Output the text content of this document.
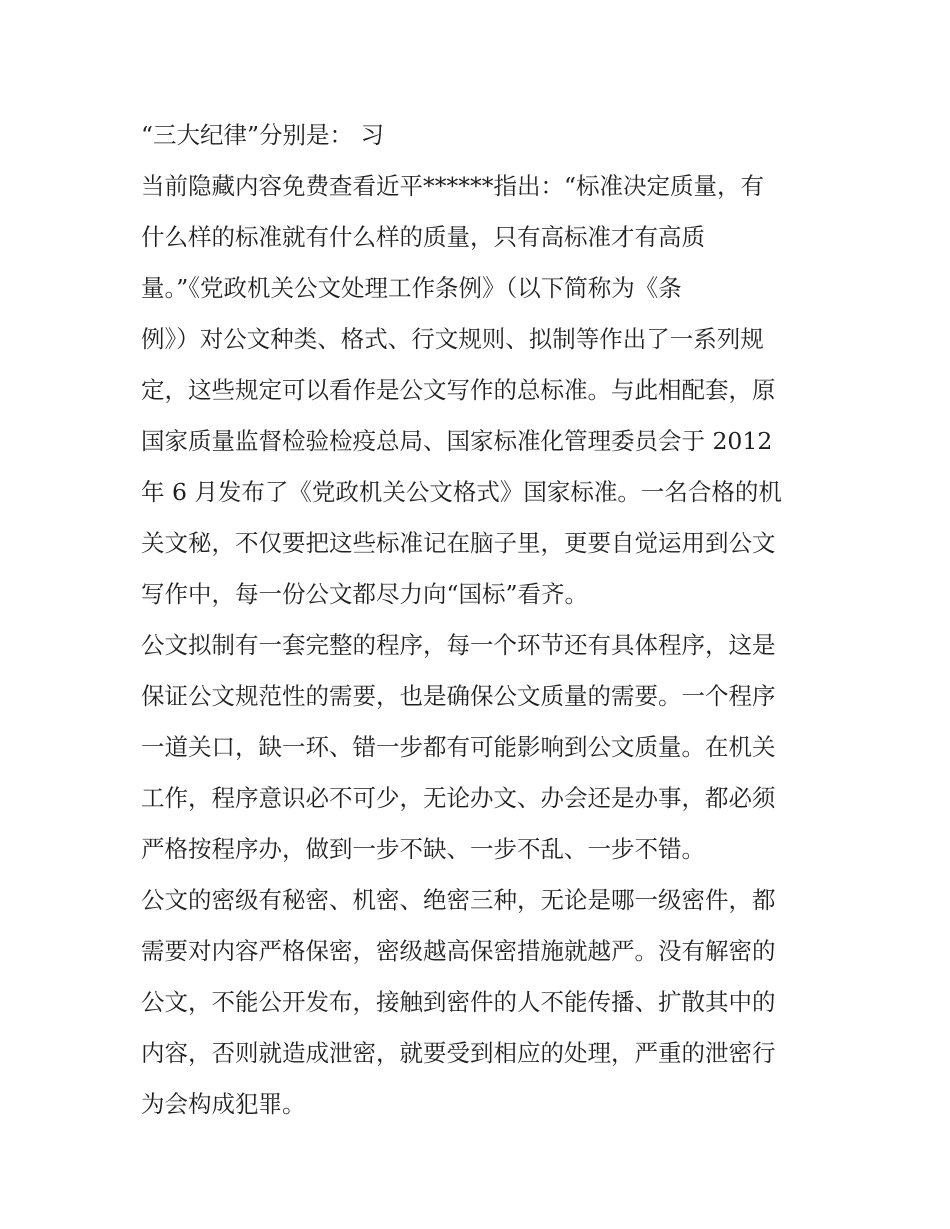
“三大纪律”分别是： 习
当前隐藏内容免费查看近平******指出：“标准决定质量，有
什么样的标准就有什么样的质量，只有高标准才有高质
量。”《党政机关公文处理工作条例》（以下简称为《条
例》）对公文种类、格式、行文规则、拟制等作出了一系列规
定，这些规定可以看作是公文写作的总标准。与此相配套，原
国家质量监督检验检疫总局、国家标准化管理委员会于 2012
年 6 月发布了《党政机关公文格式》国家标准。一名合格的机
关文秘，不仅要把这些标准记在脑子里，更要自觉运用到公文
写作中，每一份公文都尽力向“国标”看齐。
公文拟制有一套完整的程序，每一个环节还有具体程序，这是
保证公文规范性的需要，也是确保公文质量的需要。一个程序
一道关口，缺一环、错一步都有可能影响到公文质量。在机关
工作，程序意识必不可少，无论办文、办会还是办事，都必须
严格按程序办，做到一步不缺、一步不乱、一步不错。
公文的密级有秘密、机密、绝密三种，无论是哪一级密件，都
需要对内容严格保密，密级越高保密措施就越严。没有解密的
公文，不能公开发布，接触到密件的人不能传播、扩散其中的
内容，否则就造成泄密，就要受到相应的处理，严重的泄密行
为会构成犯罪。
